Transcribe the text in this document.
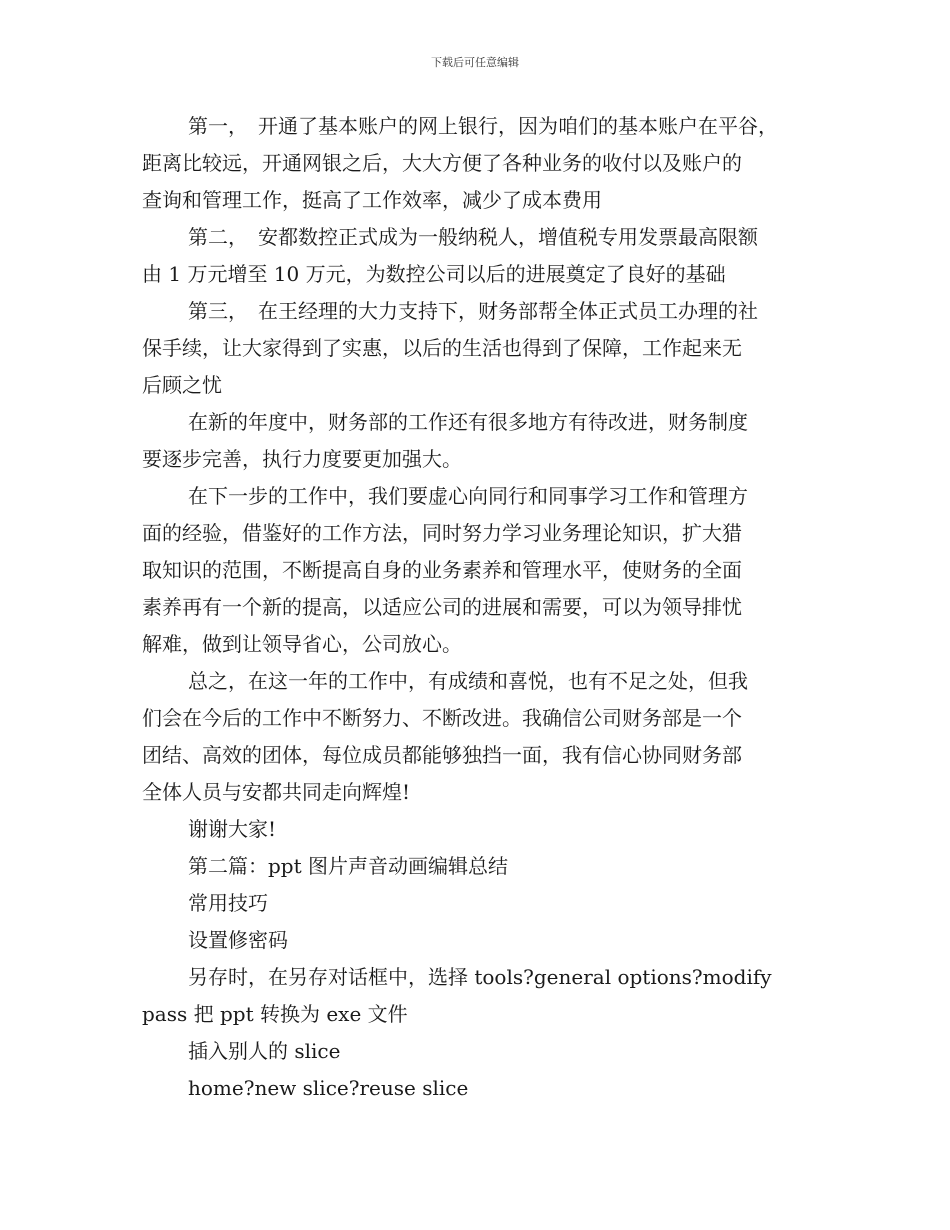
下载后可任意编辑
第一，　开通了基本账户的网上银行，因为咱们的基本账户在平谷，
距离比较远，开通网银之后，大大方便了各种业务的收付以及账户的
查询和管理工作，挺高了工作效率，减少了成本费用
第二，　安都数控正式成为一般纳税人，增值税专用发票最高限额
由 1 万元增至 10 万元，为数控公司以后的进展奠定了良好的基础
第三，　在王经理的大力支持下，财务部帮全体正式员工办理的社
保手续，让大家得到了实惠，以后的生活也得到了保障，工作起来无
后顾之忧
在新的年度中，财务部的工作还有很多地方有待改进，财务制度
要逐步完善，执行力度要更加强大。
在下一步的工作中，我们要虚心向同行和同事学习工作和管理方
面的经验，借鉴好的工作方法，同时努力学习业务理论知识，扩大猎
取知识的范围，不断提高自身的业务素养和管理水平，使财务的全面
素养再有一个新的提高，以适应公司的进展和需要，可以为领导排忧
解难，做到让领导省心，公司放心。
总之，在这一年的工作中，有成绩和喜悦，也有不足之处，但我
们会在今后的工作中不断努力、不断改进。我确信公司财务部是一个
团结、高效的团体，每位成员都能够独挡一面，我有信心协同财务部
全体人员与安都共同走向辉煌!
谢谢大家!
第二篇：ppt 图片声音动画编辑总结
常用技巧
设置修密码
另存时，在另存对话框中，选择 tools?general options?modify
pass 把 ppt 转换为 exe 文件
插入别人的 slice
home?new slice?reuse slice
